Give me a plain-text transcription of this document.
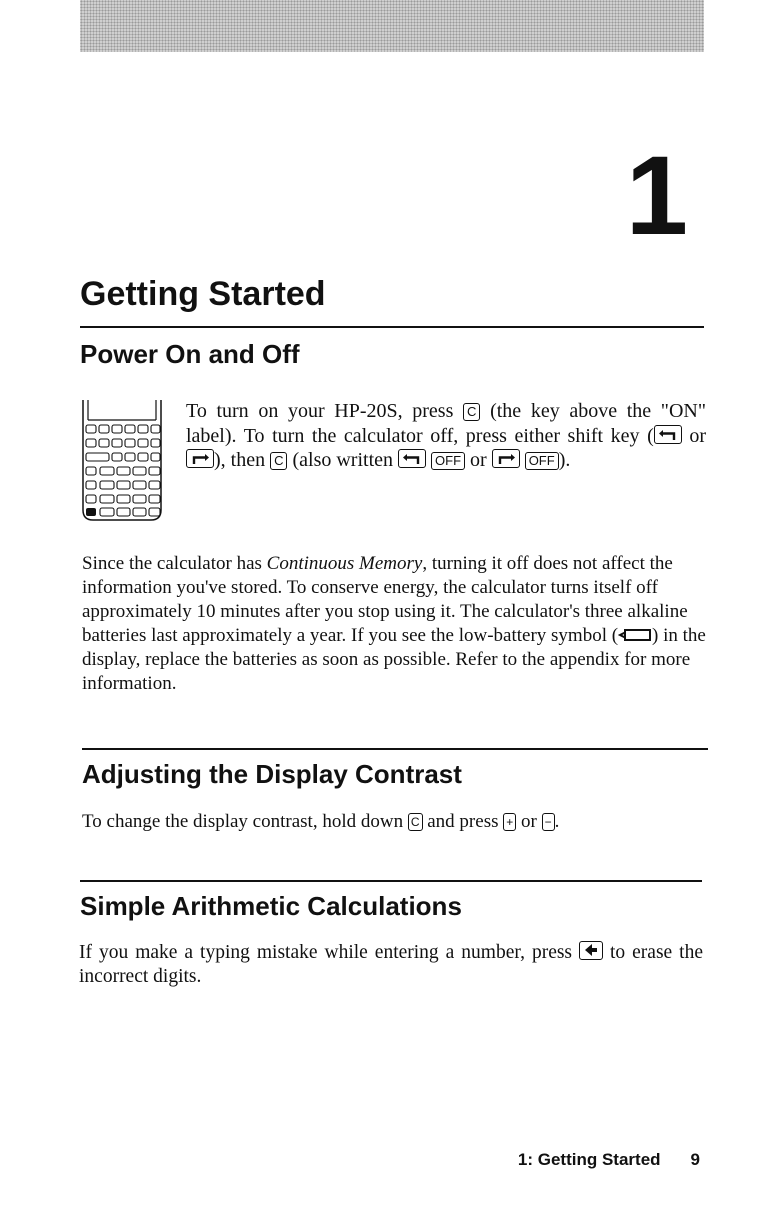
1
Getting Started
Power On and Off

To turn on your HP-20S, press C (the key above the "ON" label). To turn the calculator off, press either shift key ( or
), then C (also written	OFF or	OFF ).

Since the calculator has Continuous Memory, turning it off does not affect the information you've stored. To conserve energy, the calculator turns itself off approximately 10 minutes after you stop using it. The calculator's three alkaline batteries last approximately a year. If you see the low-battery symbol ( ) in the display, replace the batteries as soon as possible. Refer to the appendix for more information.

Adjusting the Display Contrast

To change the display contrast, hold down C and press + or − .

Simple Arithmetic Calculations

If you make a typing mistake while entering a number, press to erase the incorrect digits.

1: Getting Started 9
